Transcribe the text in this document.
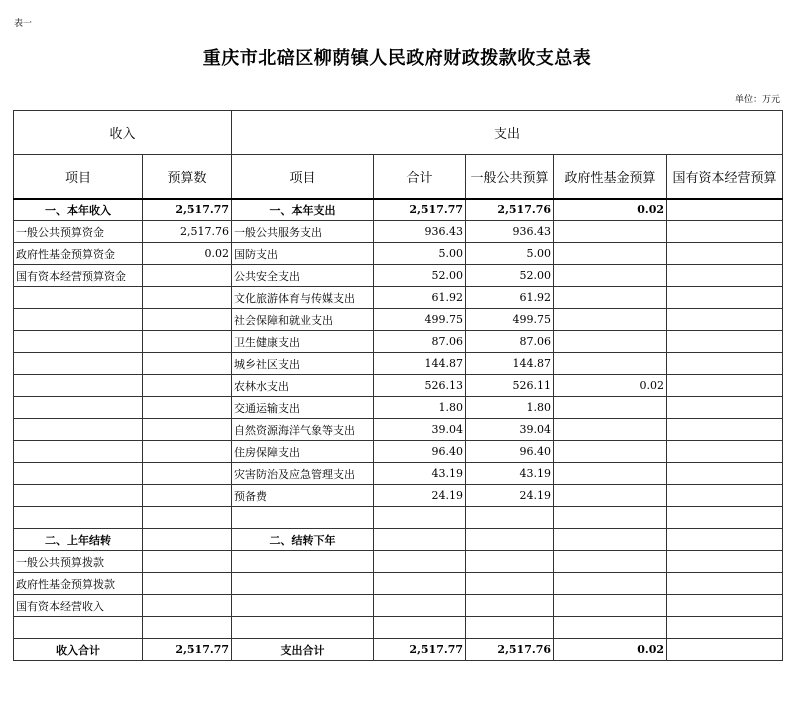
表一
重庆市北碚区柳荫镇人民政府财政拨款收支总表
单位：万元
收入		支出				
项目	预算数	项目	合计	一般公共预算	政府性基金预算	国有资本经营预算
一、本年收入	2,517.77	一、本年支出	2,517.77	2,517.76	0.02	
一般公共预算资金	2,517.76	一般公共服务支出	936.43	936.43		
政府性基金预算资金	0.02	国防支出	5.00	5.00		
国有资本经营预算资金		公共安全支出	52.00	52.00		
		文化旅游体育与传媒支出	61.92	61.92		
		社会保障和就业支出	499.75	499.75		
		卫生健康支出	87.06	87.06		
		城乡社区支出	144.87	144.87		
		农林水支出	526.13	526.11	0.02	
		交通运输支出	1.80	1.80		
		自然资源海洋气象等支出	39.04	39.04		
		住房保障支出	96.40	96.40		
		灾害防治及应急管理支出	43.19	43.19		
		预备费	24.19	24.19		

二、上年结转		二、结转下年				
一般公共预算拨款						
政府性基金预算拨款						
国有资本经营收入						

收入合计	2,517.77	支出合计	2,517.77	2,517.76	0.02	
